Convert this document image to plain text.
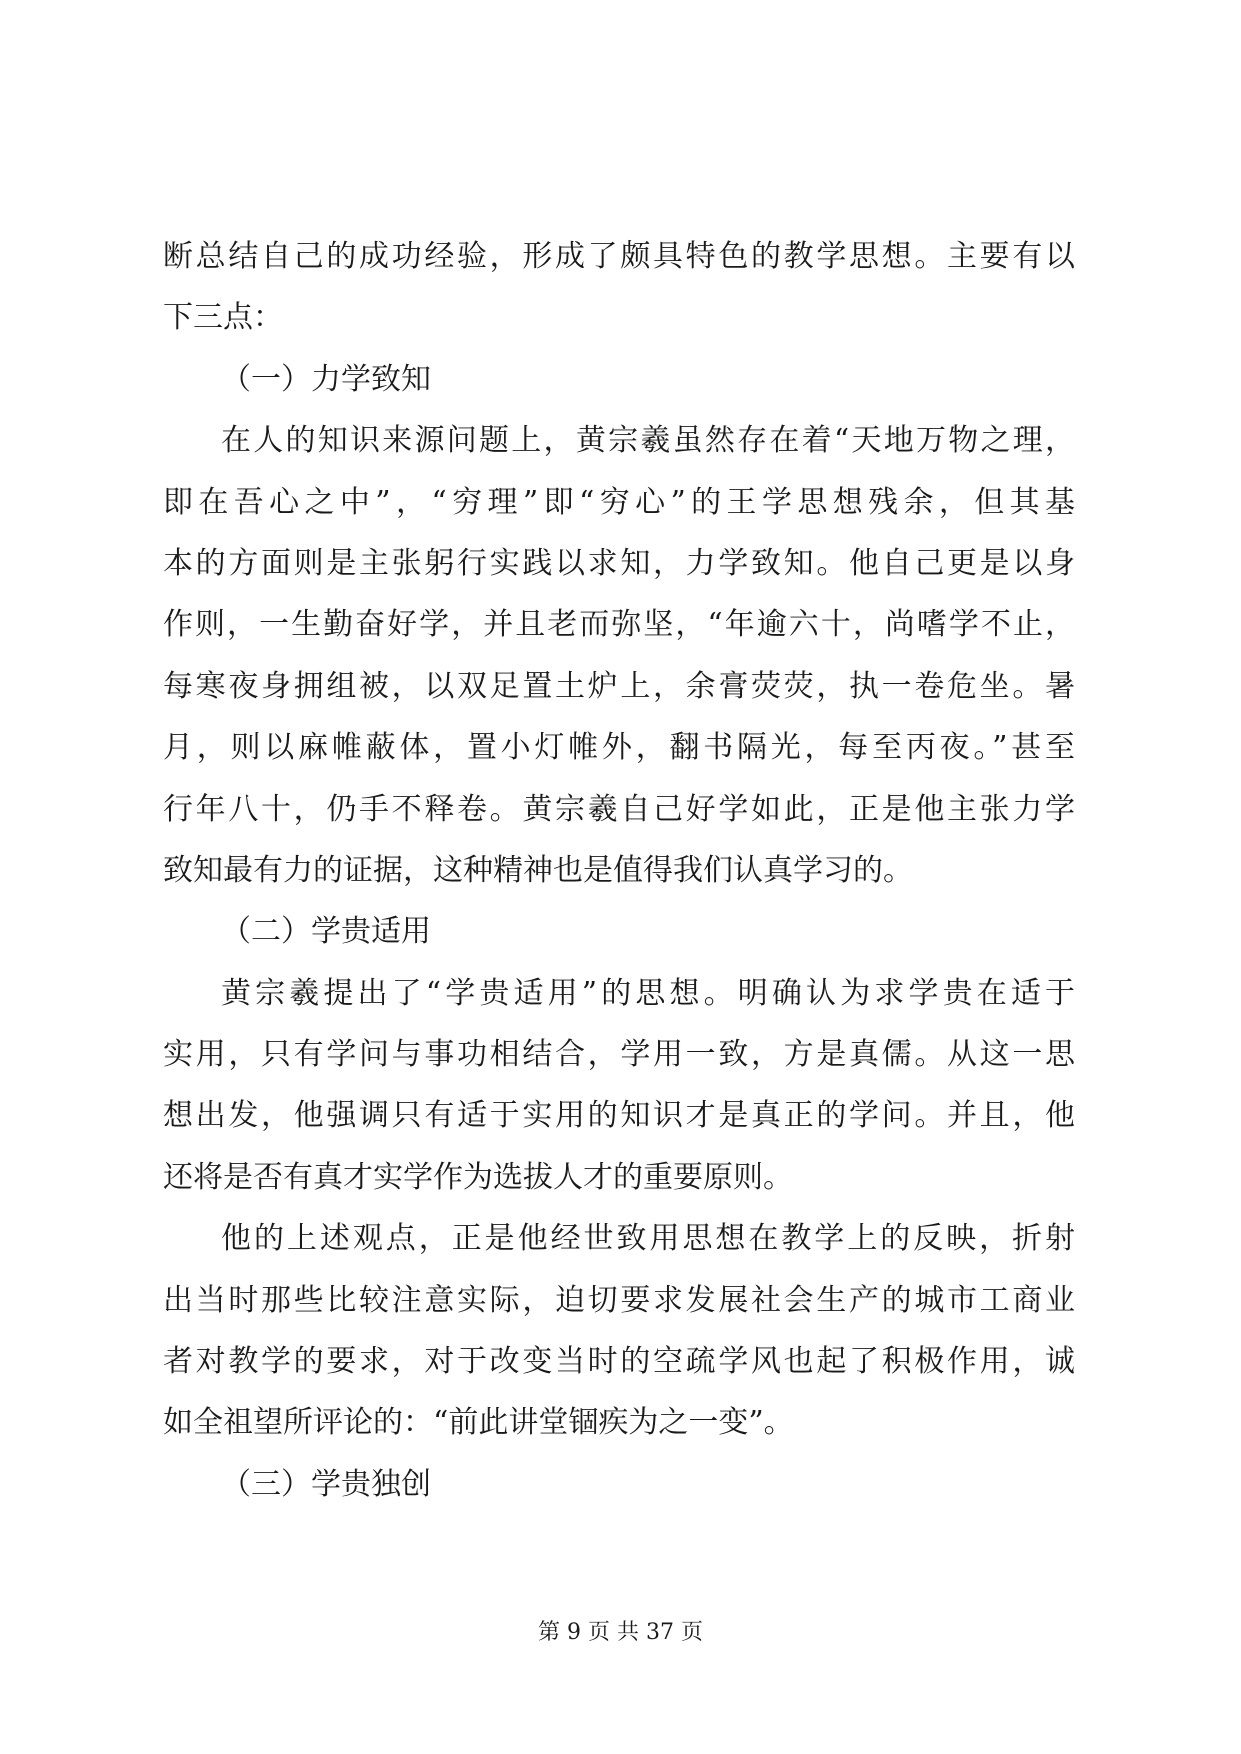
断总结自己的成功经验，形成了颇具特色的教学思想。主要有以
下三点：
（一）力学致知
在人的知识来源问题上，黄宗羲虽然存在着“天地万物之理，
即在吾心之中”，“穷理”即“穷心”的王学思想残余，但其基
本的方面则是主张躬行实践以求知，力学致知。他自己更是以身
作则，一生勤奋好学，并且老而弥坚，“年逾六十，尚嗜学不止，
每寒夜身拥组被，以双足置土炉上，余膏荧荧，执一卷危坐。暑
月，则以麻帷蔽体，置小灯帷外，翻书隔光，每至丙夜。”甚至
行年八十，仍手不释卷。黄宗羲自己好学如此，正是他主张力学
致知最有力的证据，这种精神也是值得我们认真学习的。
（二）学贵适用
黄宗羲提出了“学贵适用”的思想。明确认为求学贵在适于
实用，只有学问与事功相结合，学用一致，方是真儒。从这一思
想出发，他强调只有适于实用的知识才是真正的学问。并且，他
还将是否有真才实学作为选拔人才的重要原则。
他的上述观点，正是他经世致用思想在教学上的反映，折射
出当时那些比较注意实际，迫切要求发展社会生产的城市工商业
者对教学的要求，对于改变当时的空疏学风也起了积极作用，诚
如全祖望所评论的：“前此讲堂锢疾为之一变”。
（三）学贵独创
第 9 页 共 37 页
